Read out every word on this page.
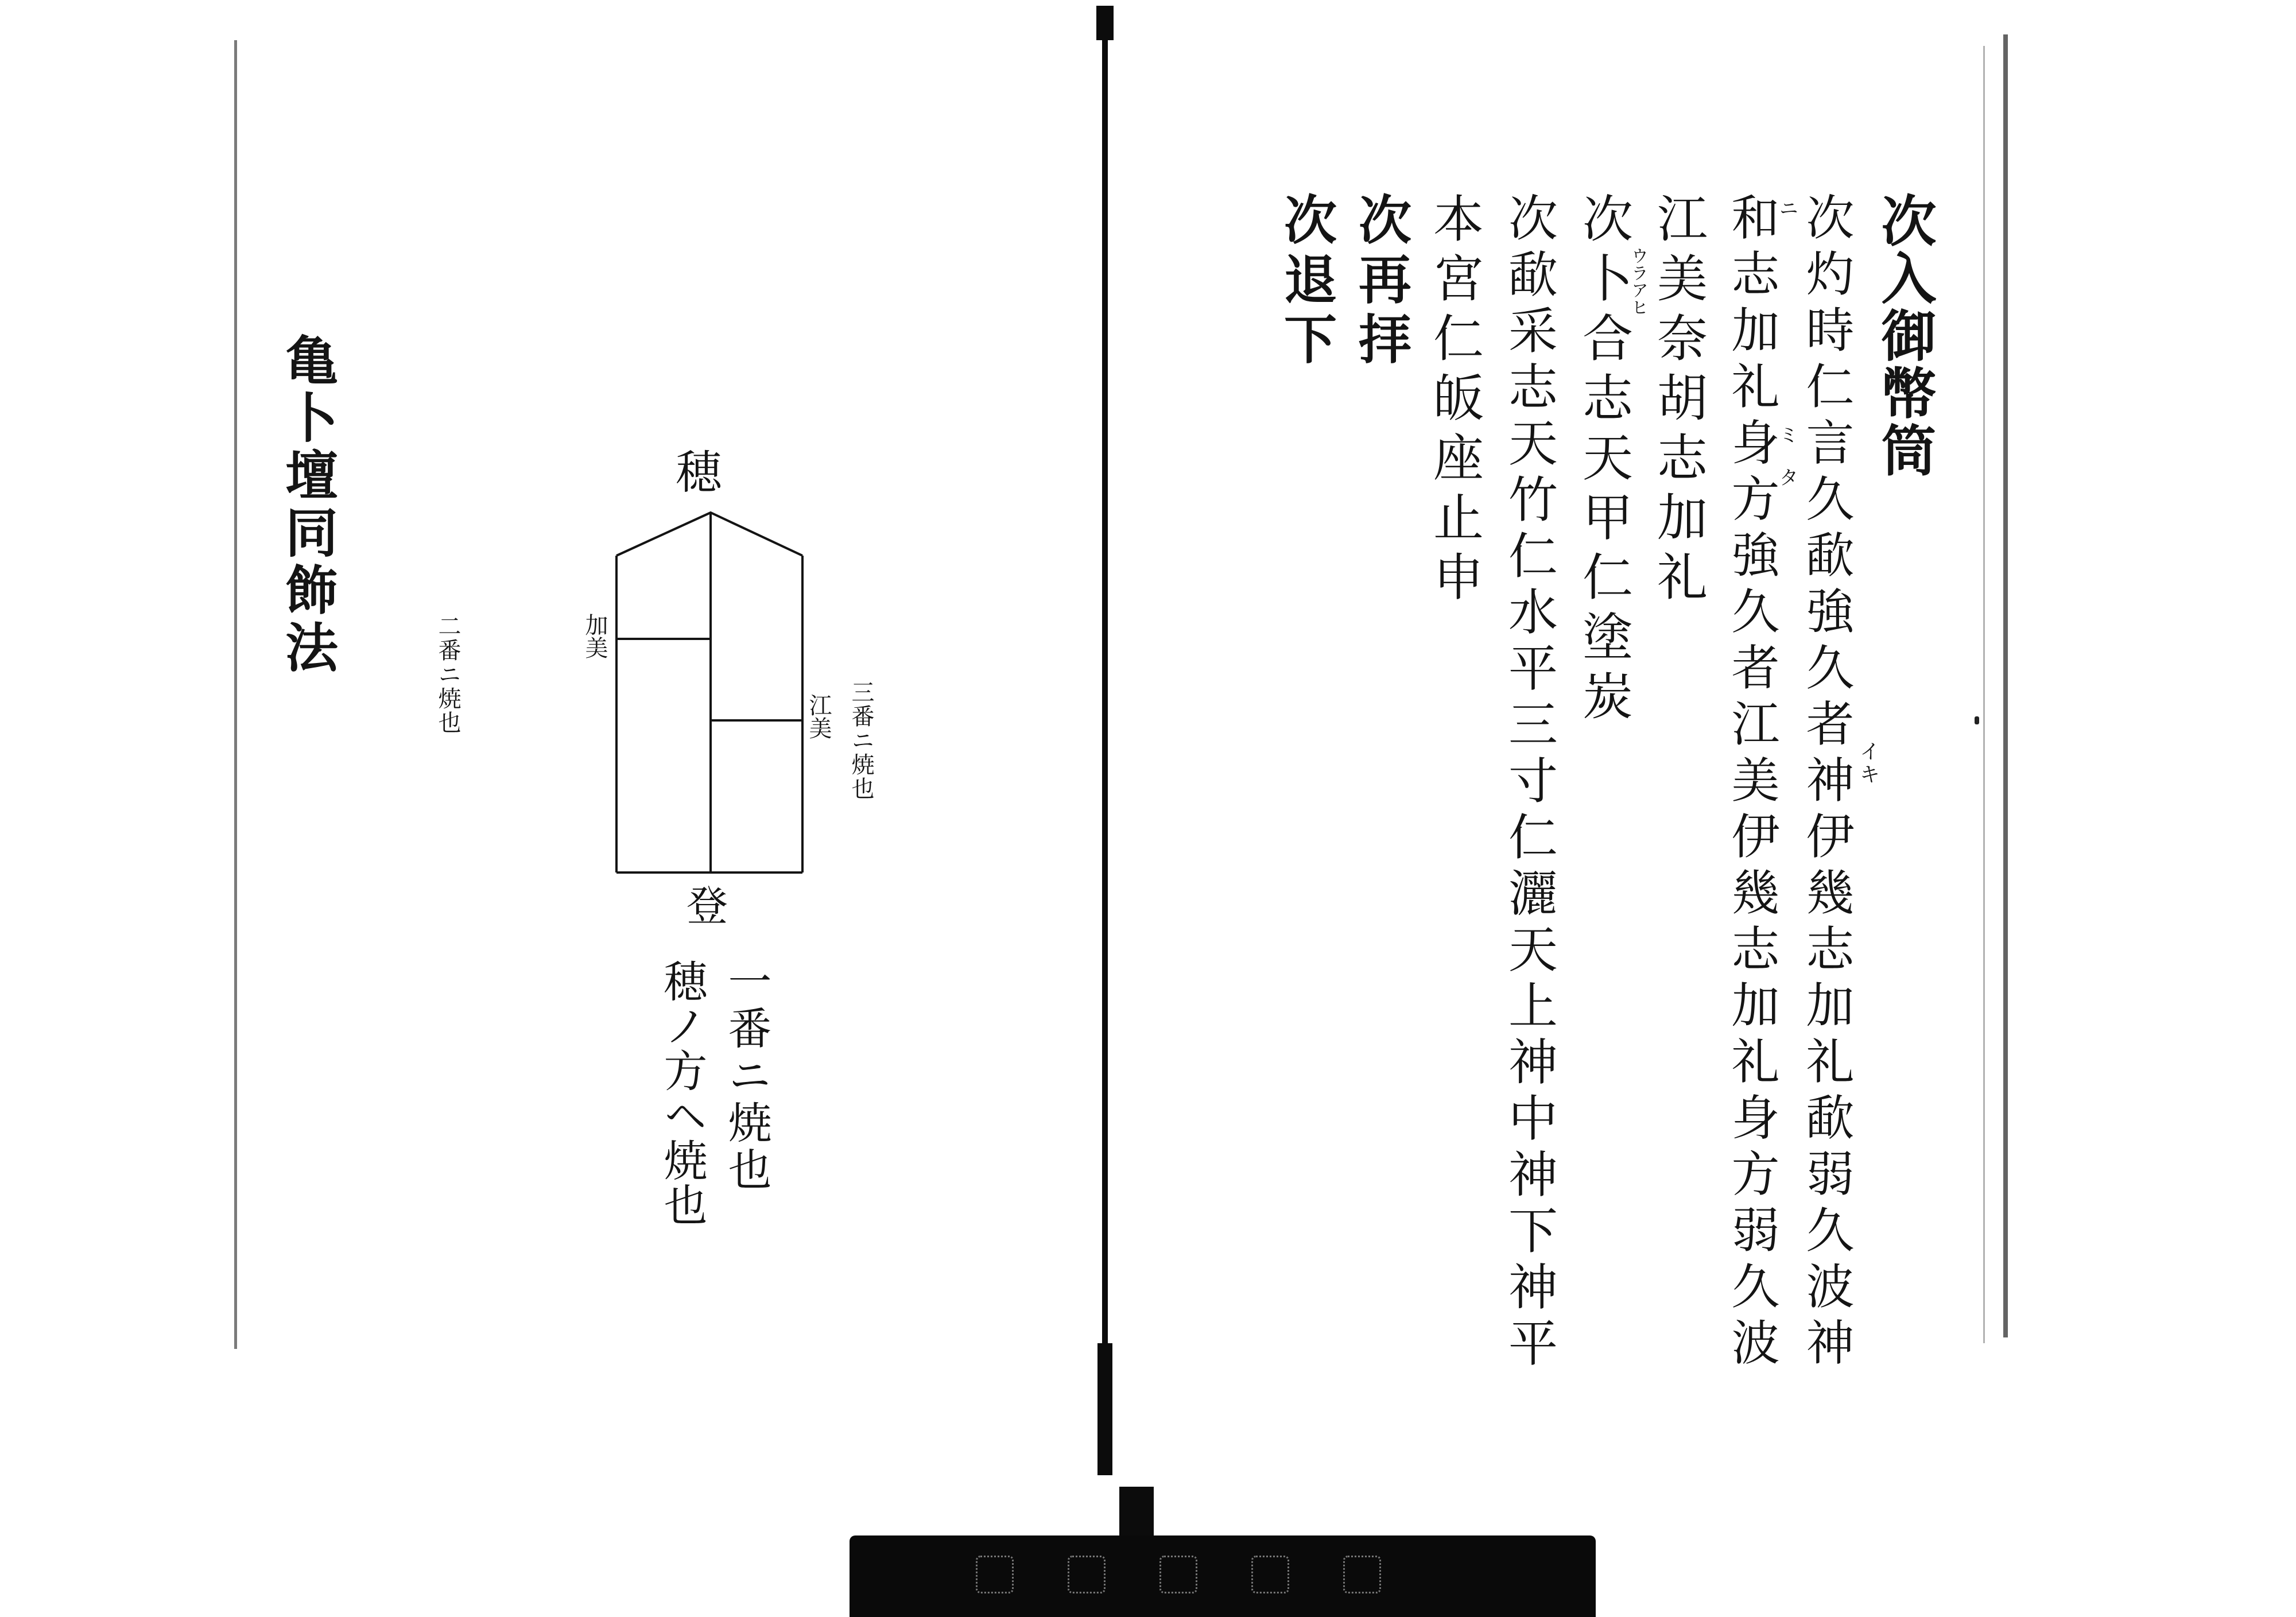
次入御幣筒
次灼時仁言久歃強久者神伊幾志加礼歃弱久波神 イキ
和志加礼身方強久者江美伊幾志加礼身方弱久波
ニ
ミ タ
江美奈胡志加礼
次卜合志天甲仁塗炭
ウラアヒ
次歃采志天竹仁水平三寸仁灑天上神中神下神平
本宮仁皈座止申
次再拝
次退下
亀卜壇同飾法	穂
登
加美
二番ニ焼也	江美 三番ニ焼也
一番ニ焼也
穂ノ方ヘ焼也
